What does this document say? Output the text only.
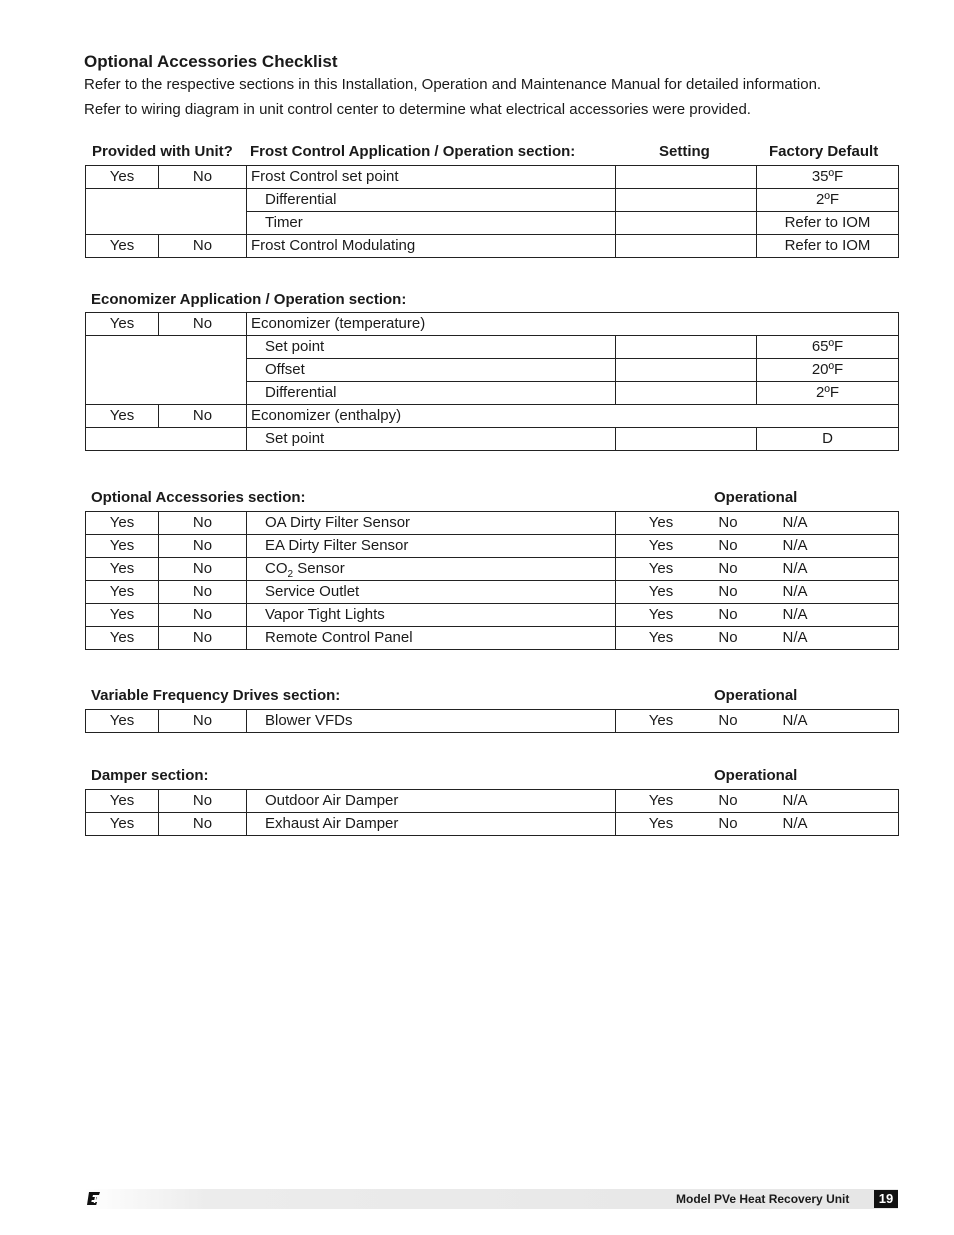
Optional Accessories Checklist

Refer to the respective sections in this Installation, Operation and Maintenance Manual for detailed information.

Refer to wiring diagram in unit control center to determine what electrical accessories were provided.

Provided with Unit? Frost Control Application / Operation section:	Setting	Factory Default
Yes	No	Frost Control set point		35ºF
		Differential		2ºF
		Timer		Refer to IOM
Yes	No	Frost Control Modulating		Refer to IOM
Economizer Application / Operation section:
Yes	No	Economizer (temperature)		
		Set point		65ºF
		Offset		20ºF
		Differential		2ºF
Yes	No	Economizer (enthalpy)		
		Set point		D
Optional Accessories section:	Operational
Yes	No	OA Dirty Filter Sensor	Yes No N/A
Yes	No	EA Dirty Filter Sensor	Yes No N/A
Yes	No	$CO_2$ Sensor	Yes No N/A
Yes	No	Service Outlet	Yes No N/A
Yes	No	Vapor Tight Lights	Yes No N/A
Yes	No	Remote Control Panel	Yes No N/A
Variable Frequency Drives section:	Operational
Yes	No	Blower VFDs	Yes	No	N/A
Damper section:	Operational
Yes	No	Outdoor Air Damper	Yes No N/A
Yes	No	Exhaust Air Damper	Yes No N/A
Model PVe Heat Recovery Unit	19
